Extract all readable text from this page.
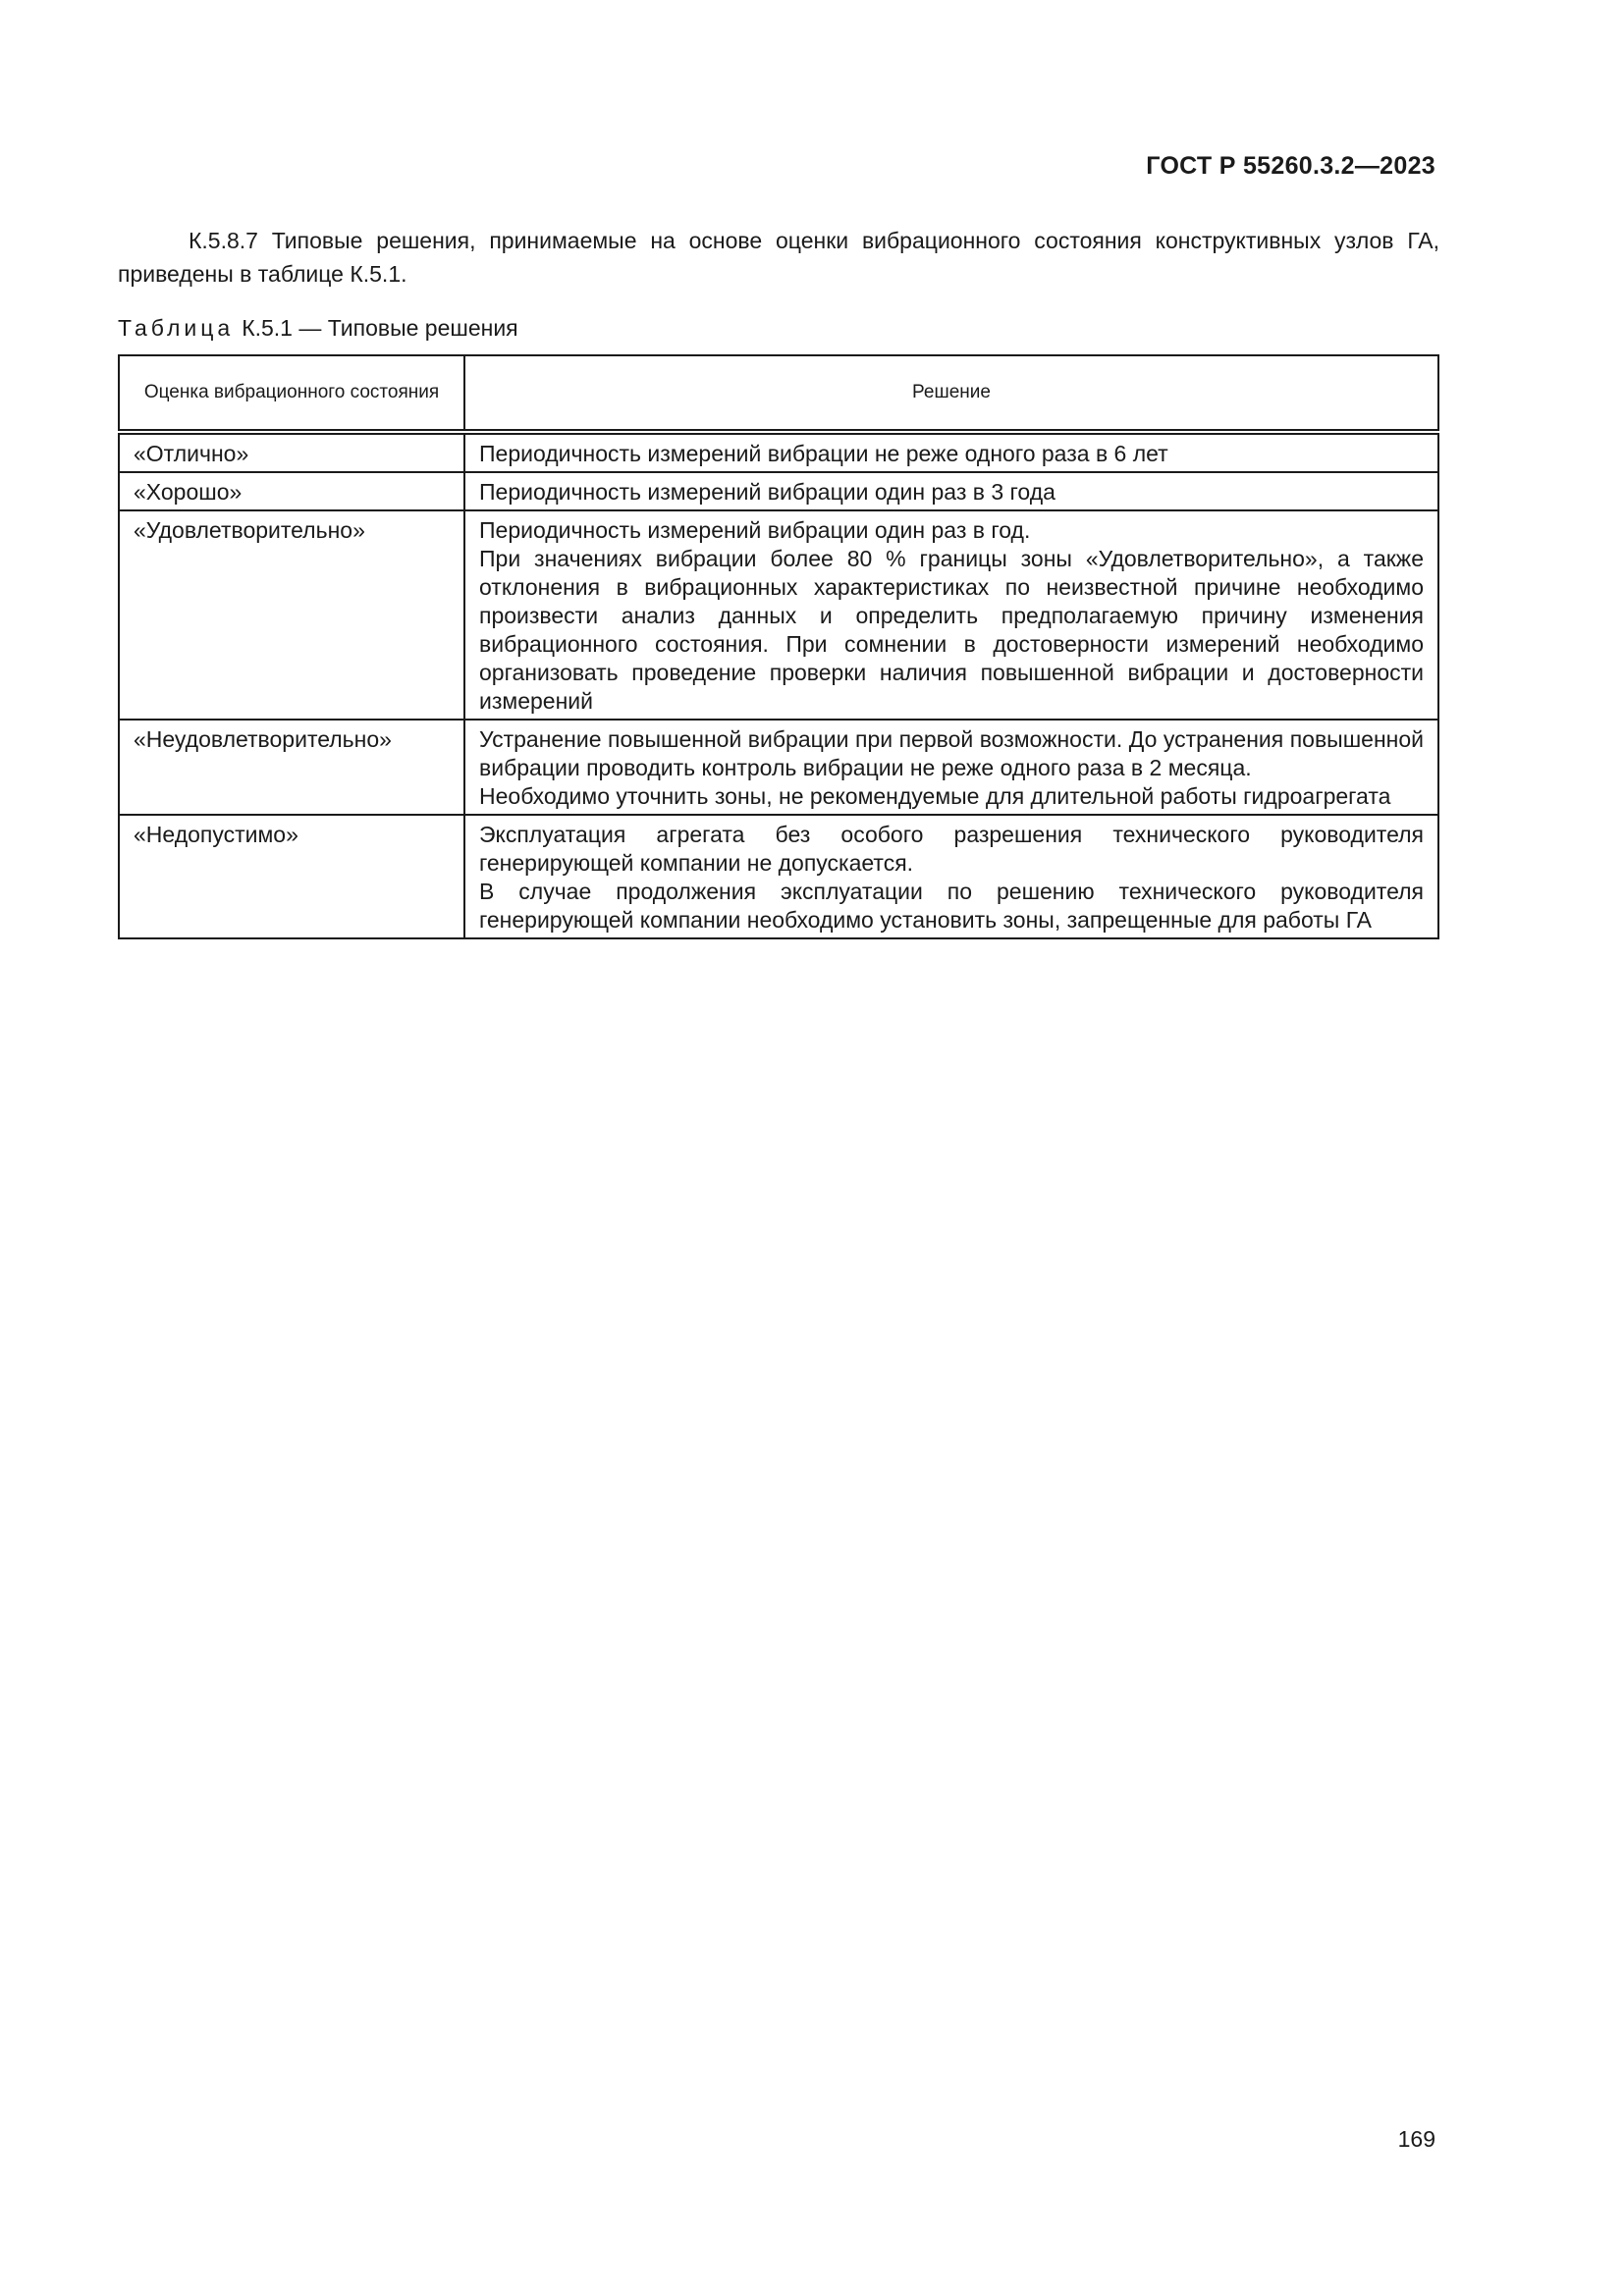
ГОСТ Р 55260.3.2—2023

К.5.8.7 Типовые решения, принимаемые на основе оценки вибрационного состояния конструктивных узлов ГА, приведены в таблице К.5.1.

Таблица К.5.1 — Типовые решения
Оценка вибрационного состояния	Решение
«Отлично»	Периодичность измерений вибрации не реже одного раза в 6 лет

«Хорошо»	Периодичность измерений вибрации один раз в 3 года

«Удовлетворительно»	Периодичность измерений вибрации один раз в год.
При значениях вибрации более 80 % границы зоны «Удовлетворительно», а также отклонения в вибрационных характеристиках по неизвестной причине необходимо произвести анализ данных и определить предполагаемую причину изменения вибрационного состояния. При сомнении в достоверности измерений необходимо организовать проведение проверки наличия повышенной вибрации и достоверности измерений

«Неудовлетворительно»	Устранение повышенной вибрации при первой возможности. До устранения повышенной вибрации проводить контроль вибрации не реже одного раза в 2 месяца.
Необходимо уточнить зоны, не рекомендуемые для длительной работы гидроагрегата

«Недопустимо»	Эксплуатация агрегата без особого разрешения технического руководителя генерирующей компании не допускается.
В случае продолжения эксплуатации по решению технического руководителя генерирующей компании необходимо установить зоны, запрещенные для работы ГА
169
